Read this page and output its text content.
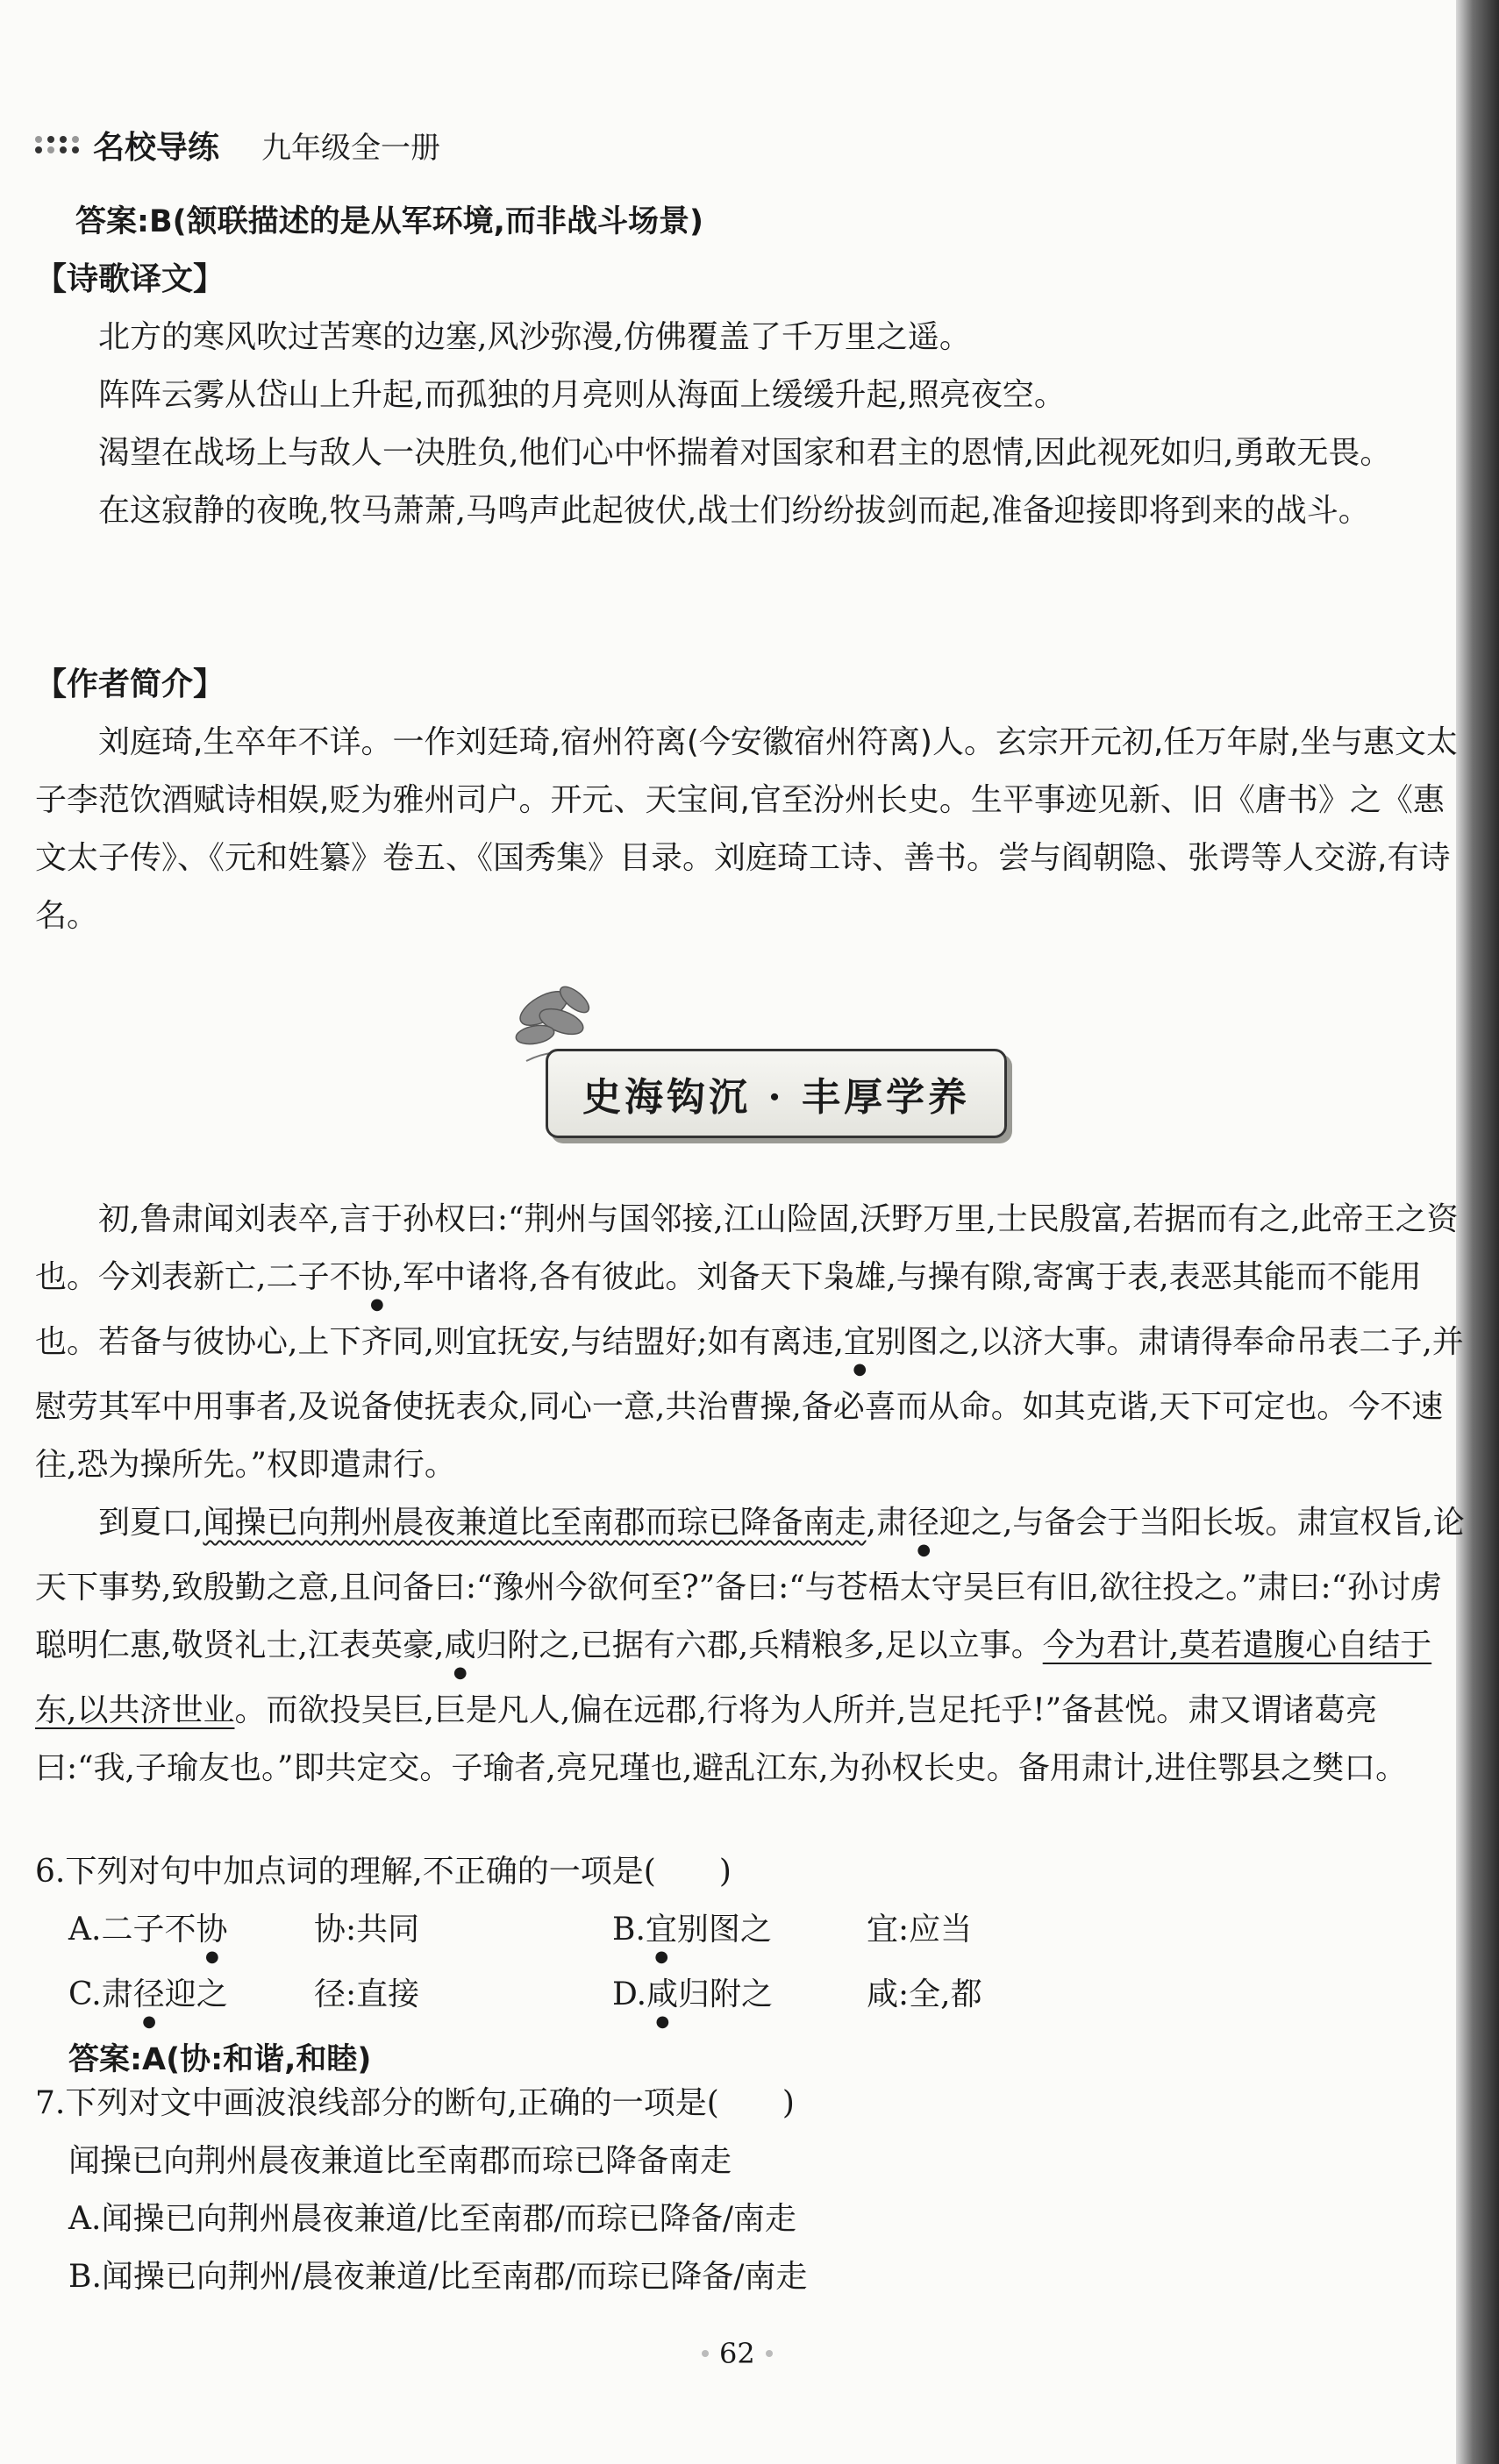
名校导练 九年级全一册

答案:B(颔联描述的是从军环境,而非战斗场景)

【诗歌译文】

北方的寒风吹过苦寒的边塞,风沙弥漫,仿佛覆盖了千万里之遥。

阵阵云雾从岱山上升起,而孤独的月亮则从海面上缓缓升起,照亮夜空。

渴望在战场上与敌人一决胜负,他们心中怀揣着对国家和君主的恩情,因此视死如归,勇敢无畏。

在这寂静的夜晚,牧马萧萧,马鸣声此起彼伏,战士们纷纷拔剑而起,准备迎接即将到来的战斗。

【作者简介】

刘庭琦,生卒年不详。一作刘廷琦,宿州符离(今安徽宿州符离)人。玄宗开元初,任万年尉,坐与惠文太子李范饮酒赋诗相娱,贬为雅州司户。开元、天宝间,官至汾州长史。生平事迹见新、旧《唐书》之《惠文太子传》、《元和姓纂》卷五、《国秀集》目录。刘庭琦工诗、善书。尝与阎朝隐、张谔等人交游,有诗名。

史海钩沉 · 丰厚学养

初,鲁肃闻刘表卒,言于孙权曰:“荆州与国邻接,江山险固,沃野万里,士民殷富,若据而有之,此帝王之资也。今刘表新亡,二子不协,军中诸将,各有彼此。刘备天下枭雄,与操有隙,寄寓于表,表恶其能而不能用也。若备与彼协心,上下齐同,则宜抚安,与结盟好;如有离违,宜别图之,以济大事。肃请得奉命吊表二子,并慰劳其军中用事者,及说备使抚表众,同心一意,共治曹操,备必喜而从命。如其克谐,天下可定也。今不速往,恐为操所先。”权即遣肃行。

到夏口,闻操已向荆州晨夜兼道比至南郡而琮已降备南走,肃径迎之,与备会于当阳长坂。肃宣权旨,论天下事势,致殷勤之意,且问备曰:“豫州今欲何至?”备曰:“与苍梧太守吴巨有旧,欲往投之。”肃曰:“孙讨虏聪明仁惠,敬贤礼士,江表英豪,咸归附之,已据有六郡,兵精粮多,足以立事。今为君计,莫若遣腹心自结于东,以共济世业。而欲投吴巨,巨是凡人,偏在远郡,行将为人所并,岂足托乎!”备甚悦。肃又谓诸葛亮曰:“我,子瑜友也。”即共定交。子瑜者,亮兄瑾也,避乱江东,为孙权长史。备用肃计,进住鄂县之樊口。

6.下列对句中加点词的理解,不正确的一项是(　　)

A.二子不协	协:共同	B.宜别图之	宜:应当
C.肃径迎之	径:直接	D.咸归附之	咸:全,都

答案:A(协:和谐,和睦)

7.下列对文中画波浪线部分的断句,正确的一项是(　　)

闻操已向荆州晨夜兼道比至南郡而琮已降备南走

A.闻操已向荆州晨夜兼道/比至南郡/而琮已降备/南走

B.闻操已向荆州/晨夜兼道/比至南郡/而琮已降备/南走

62
